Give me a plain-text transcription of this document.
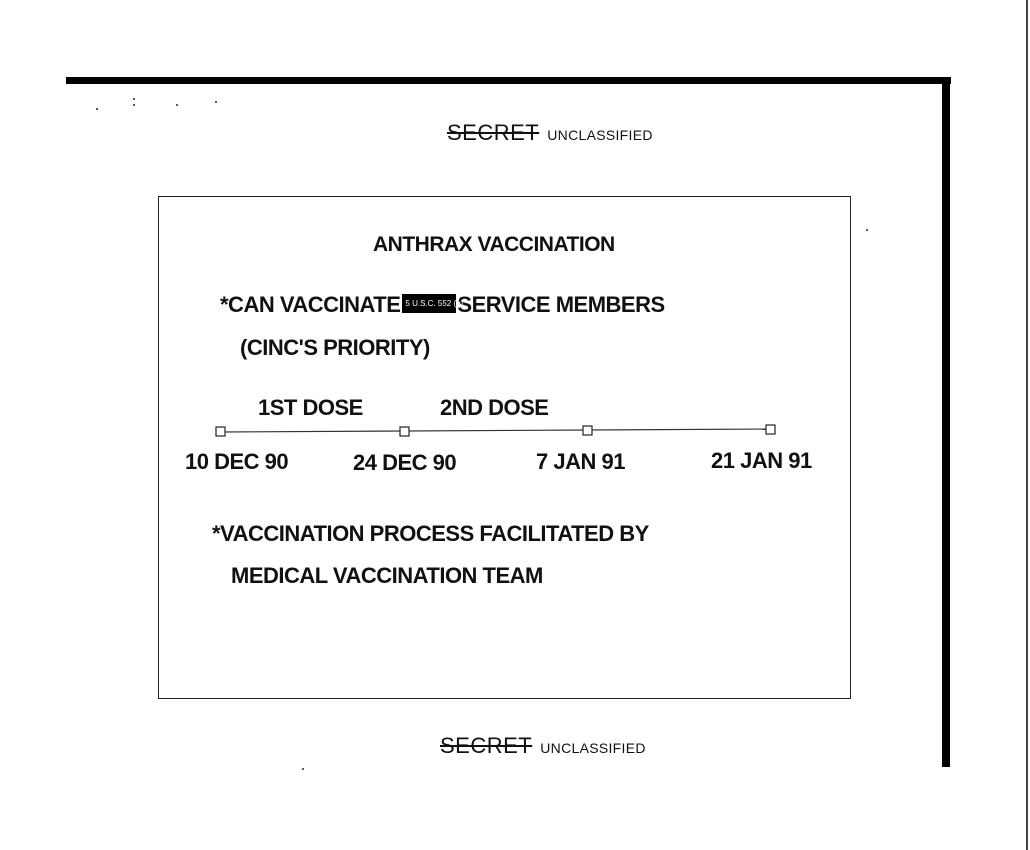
SECRET UNCLASSIFIED
ANTHRAX VACCINATION
*CAN VACCINATE 5 U.S.C. 552 (b)SERVICE MEMBERS
(CINC'S PRIORITY)
1ST DOSE	2ND DOSE
10 DEC 90	24 DEC 90	7 JAN 91	21 JAN 91
*VACCINATION PROCESS FACILITATED BY
MEDICAL VACCINATION TEAM
SECRET UNCLASSIFIED
